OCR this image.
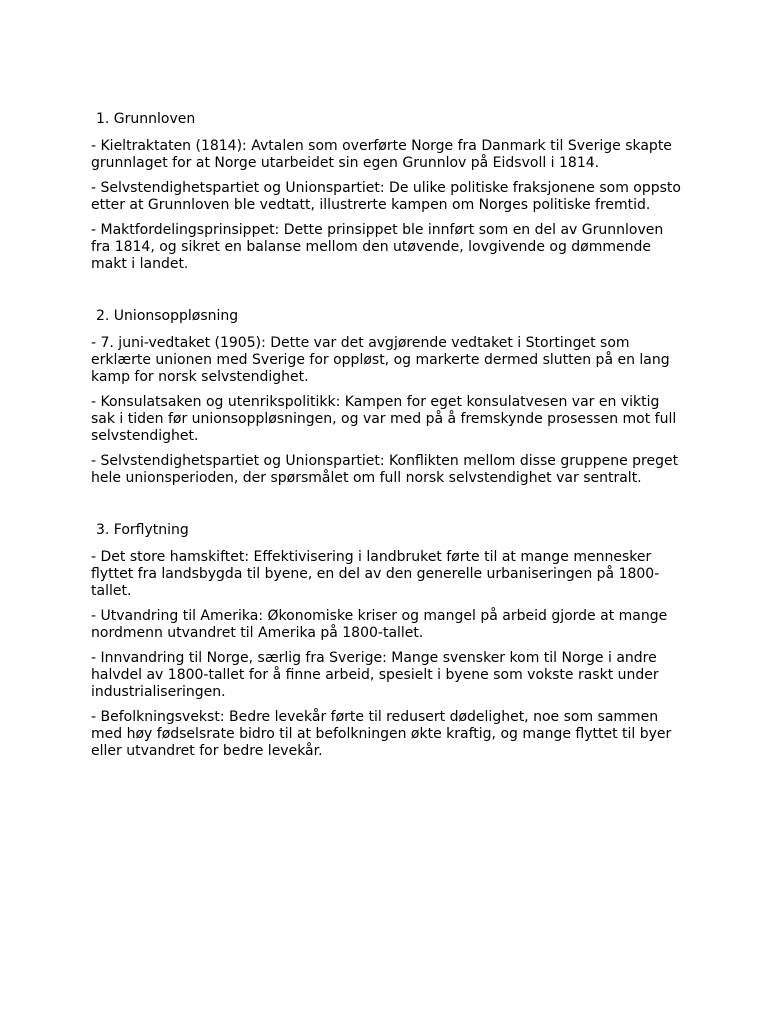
1. Grunnloven

- Kieltraktaten (1814): Avtalen som overførte Norge fra Danmark til Sverige skapte grunnlaget for at Norge utarbeidet sin egen Grunnlov på Eidsvoll i 1814.

- Selvstendighetspartiet og Unionspartiet: De ulike politiske fraksjonene som oppsto etter at Grunnloven ble vedtatt, illustrerte kampen om Norges politiske fremtid.

- Maktfordelingsprinsippet: Dette prinsippet ble innført som en del av Grunnloven fra 1814, og sikret en balanse mellom den utøvende, lovgivende og dømmende makt i landet.

2. Unionsoppløsning

- 7. juni-vedtaket (1905): Dette var det avgjørende vedtaket i Stortinget som erklærte unionen med Sverige for oppløst, og markerte dermed slutten på en lang kamp for norsk selvstendighet.

- Konsulatsaken og utenrikspolitikk: Kampen for eget konsulatvesen var en viktig sak i tiden før unionsoppløsningen, og var med på å fremskynde prosessen mot full selvstendighet.

- Selvstendighetspartiet og Unionspartiet: Konflikten mellom disse gruppene preget hele unionsperioden, der spørsmålet om full norsk selvstendighet var sentralt.

3. Forflytning

- Det store hamskiftet: Effektivisering i landbruket førte til at mange mennesker flyttet fra landsbygda til byene, en del av den generelle urbaniseringen på 1800-tallet.

- Utvandring til Amerika: Økonomiske kriser og mangel på arbeid gjorde at mange nordmenn utvandret til Amerika på 1800-tallet.

- Innvandring til Norge, særlig fra Sverige: Mange svensker kom til Norge i andre halvdel av 1800-tallet for å finne arbeid, spesielt i byene som vokste raskt under industrialiseringen.

- Befolkningsvekst: Bedre levekår førte til redusert dødelighet, noe som sammen med høy fødselsrate bidro til at befolkningen økte kraftig, og mange flyttet til byer eller utvandret for bedre levekår.
